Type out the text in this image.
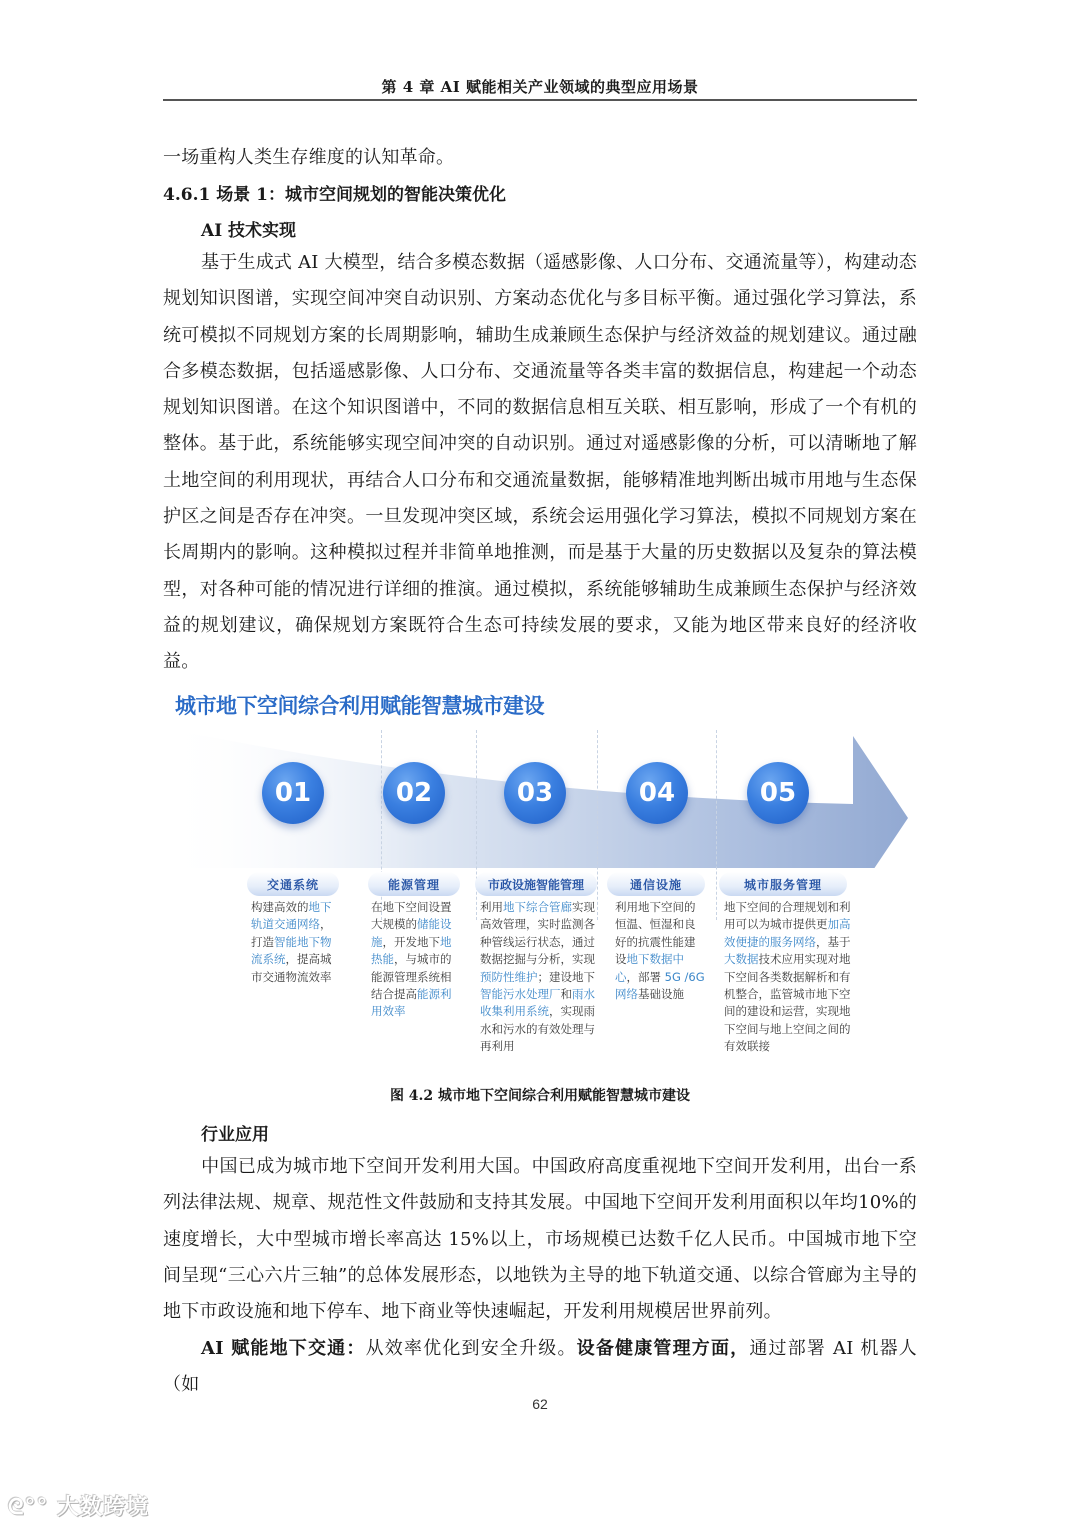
第 4 章 AI 赋能相关产业领域的典型应用场景
一场重构人类生存维度的认知革命。
4.6.1 场景 1：城市空间规划的智能决策优化
AI 技术实现
基于生成式 AI 大模型，结合多模态数据（遥感影像、人口分布、交通流量等），构建动态规划知识图谱，实现空间冲突自动识别、方案动态优化与多目标平衡。通过强化学习算法，系统可模拟不同规划方案的长周期影响，辅助生成兼顾生态保护与经济效益的规划建议。通过融合多模态数据，包括遥感影像、人口分布、交通流量等各类丰富的数据信息，构建起一个动态规划知识图谱。在这个知识图谱中，不同的数据信息相互关联、相互影响，形成了一个有机的整体。基于此，系统能够实现空间冲突的自动识别。通过对遥感影像的分析，可以清晰地了解土地空间的利用现状，再结合人口分布和交通流量数据，能够精准地判断出城市用地与生态保护区之间是否存在冲突。一旦发现冲突区域，系统会运用强化学习算法，模拟不同规划方案在长周期内的影响。这种模拟过程并非简单地推测，而是基于大量的历史数据以及复杂的算法模型，对各种可能的情况进行详细的推演。通过模拟，系统能够辅助生成兼顾生态保护与经济效益的规划建议，确保规划方案既符合生态可持续发展的要求，又能为地区带来良好的经济收益。
城市地下空间综合利用赋能智慧城市建设
01
交通系统
构建高效的地下轨道交通网络，打造智能地下物流系统，提高城市交通物流效率
02
能源管理
在地下空间设置大规模的储能设施，开发地下地热能，与城市的能源管理系统相结合提高能源利用效率
03
市政设施智能管理
利用地下综合管廊实现高效管理，实时监测各种管线运行状态，通过数据挖掘与分析，实现预防性维护；建设地下智能污水处理厂和雨水收集利用系统，实现雨水和污水的有效处理与再利用
04
通信设施
利用地下空间的恒温、恒湿和良好的抗震性能建设地下数据中心，部署 5G /6G网络基础设施
05
城市服务管理
地下空间的合理规划和利用可以为城市提供更加高效便捷的服务网络，基于大数据技术应用实现对地下空间各类数据解析和有机整合，监管城市地下空间的建设和运营，实现地下空间与地上空间之间的有效联接
图 4.2 城市地下空间综合利用赋能智慧城市建设
行业应用
中国已成为城市地下空间开发利用大国。中国政府高度重视地下空间开发利用，出台一系列法律法规、规章、规范性文件鼓励和支持其发展。中国地下空间开发利用面积以年均10%的速度增长，大中型城市增长率高达 15%以上，市场规模已达数千亿人民币。中国城市地下空间呈现“三心六片三轴”的总体发展形态，以地铁为主导的地下轨道交通、以综合管廊为主导的地下市政设施和地下停车、地下商业等快速崛起，开发利用规模居世界前列。
AI 赋能地下交通：从效率优化到安全升级。设备健康管理方面，通过部署 AI 机器人（如
62
ᘓ°° 大数跨境
